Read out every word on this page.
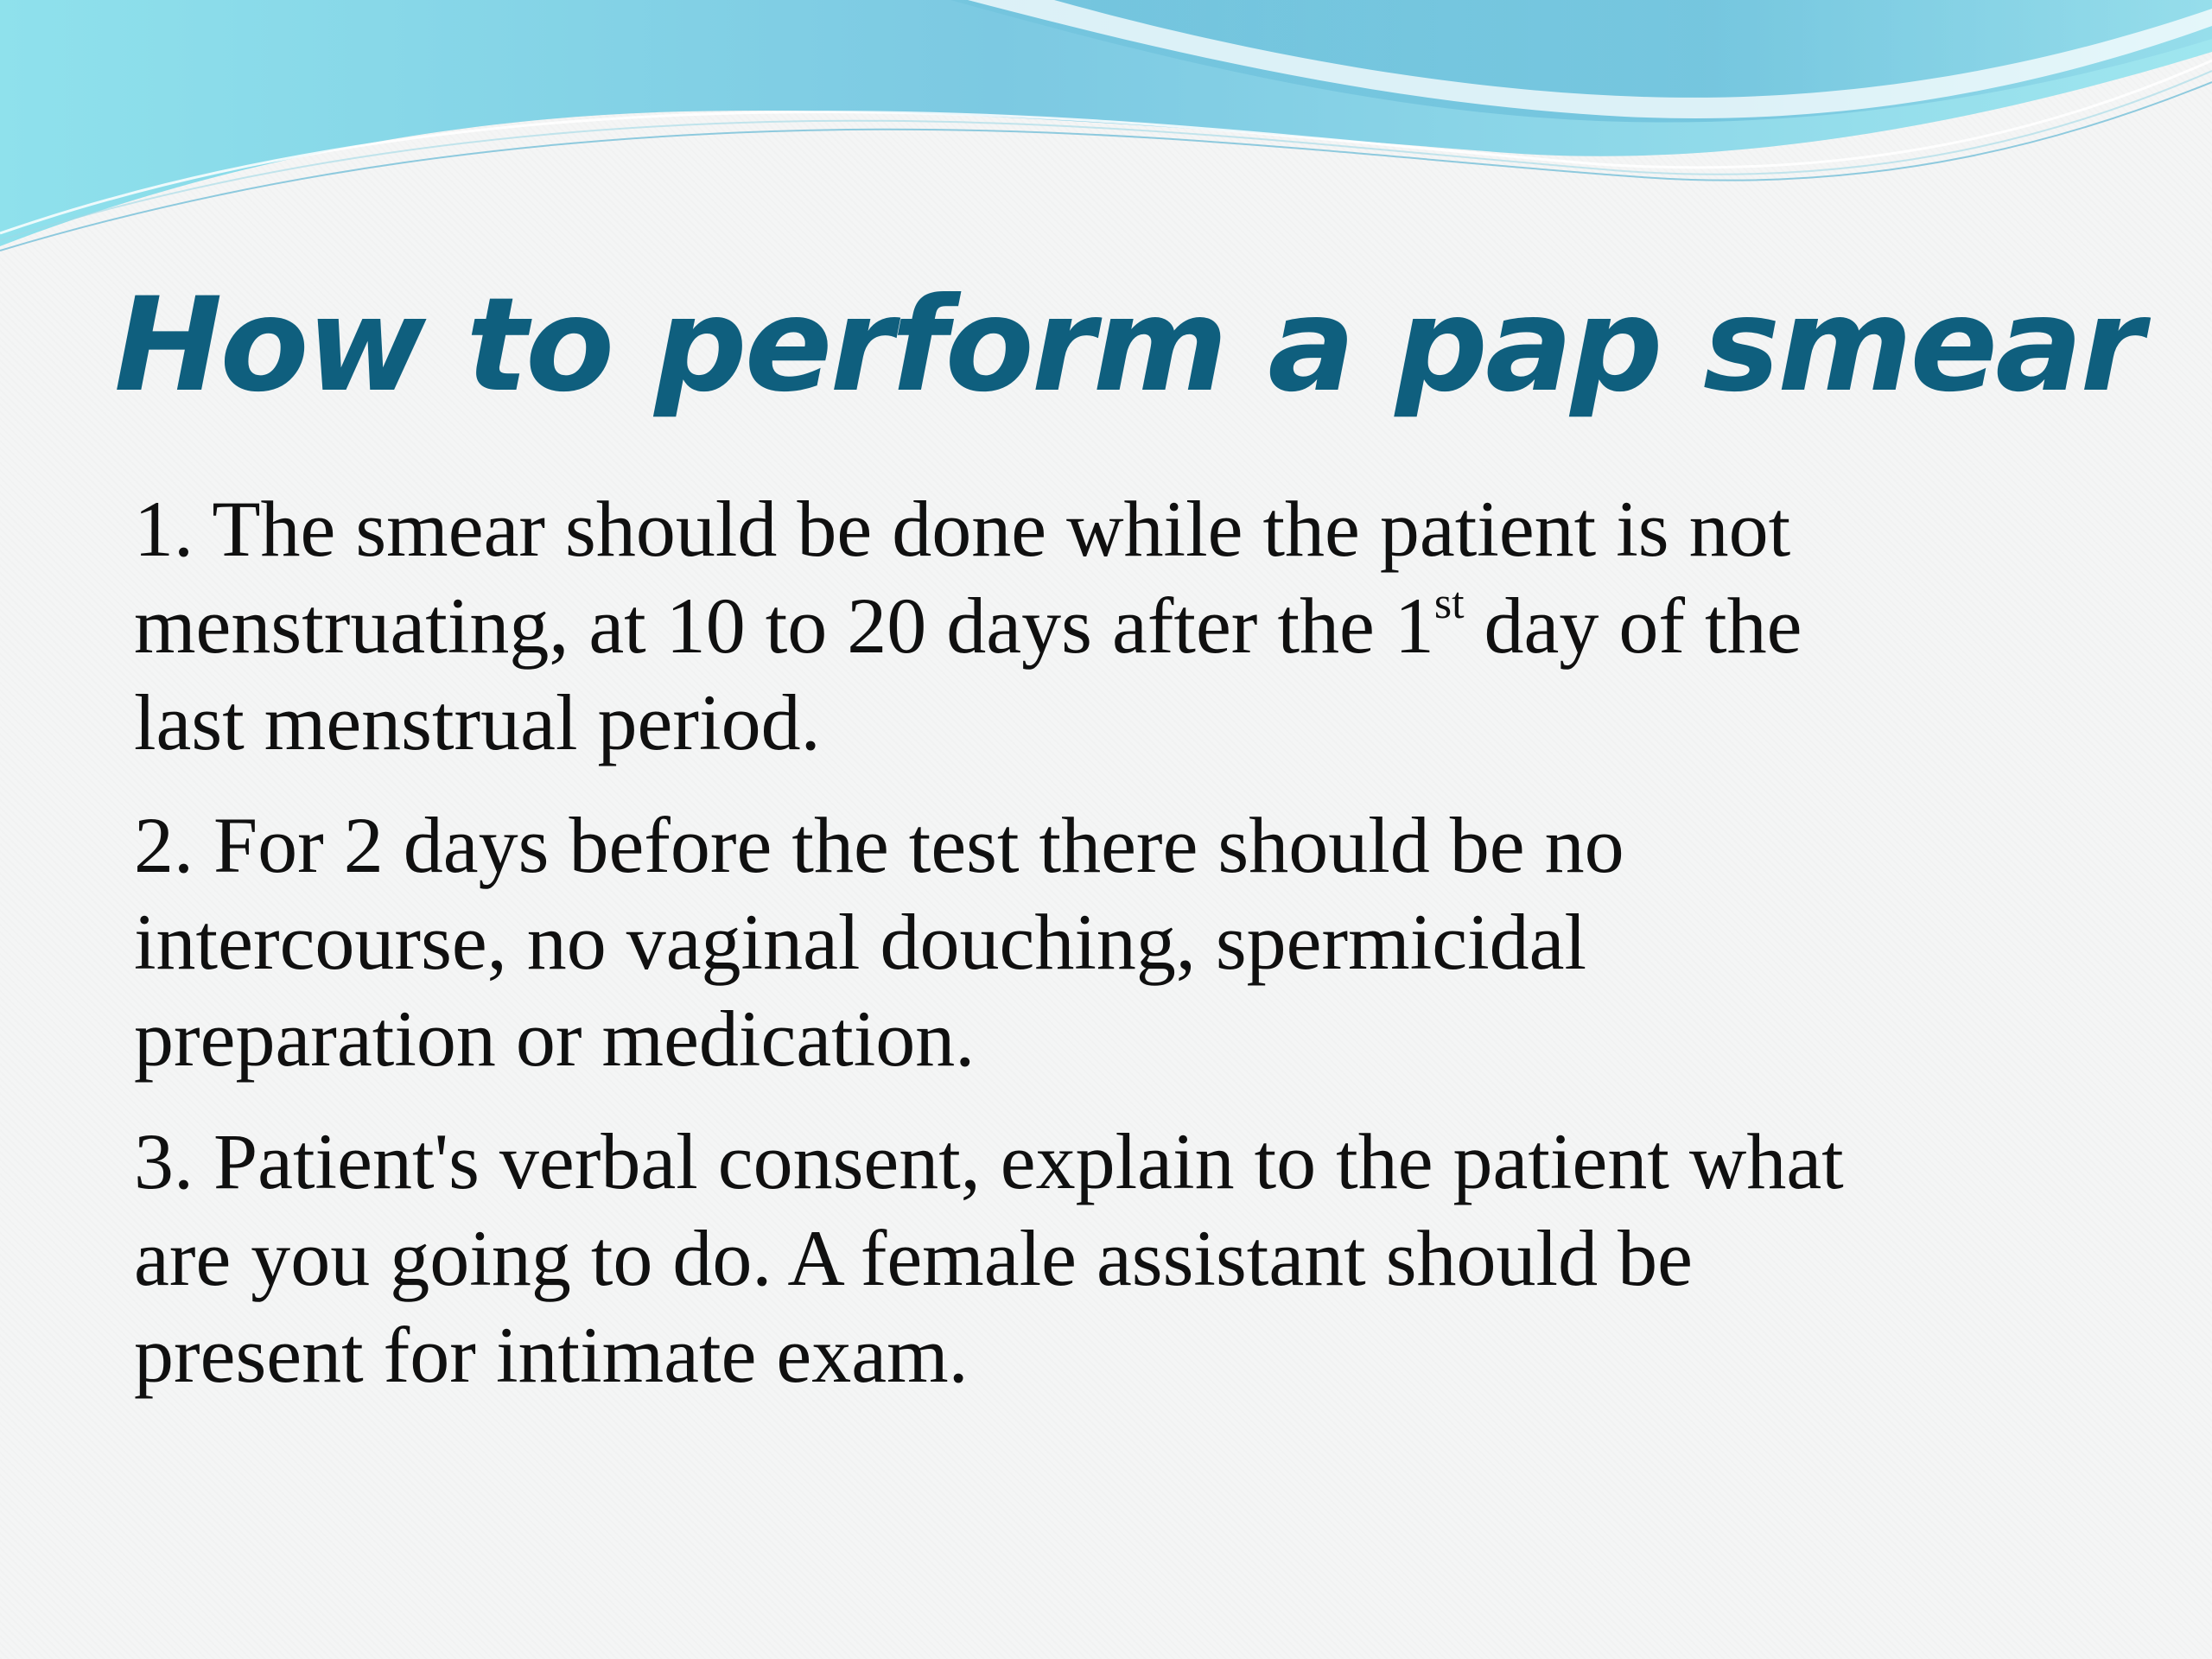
How to perform a pap smear

1. The smear should be done while the patient is not
menstruating, at 10 to 20 days after the 1st day of the
last menstrual period.

2. For 2 days before the test there should be no
intercourse, no vaginal douching, spermicidal
preparation or medication.

3. Patient's verbal consent, explain to the patient what
are you going to do. A female assistant should be
present for intimate exam.
